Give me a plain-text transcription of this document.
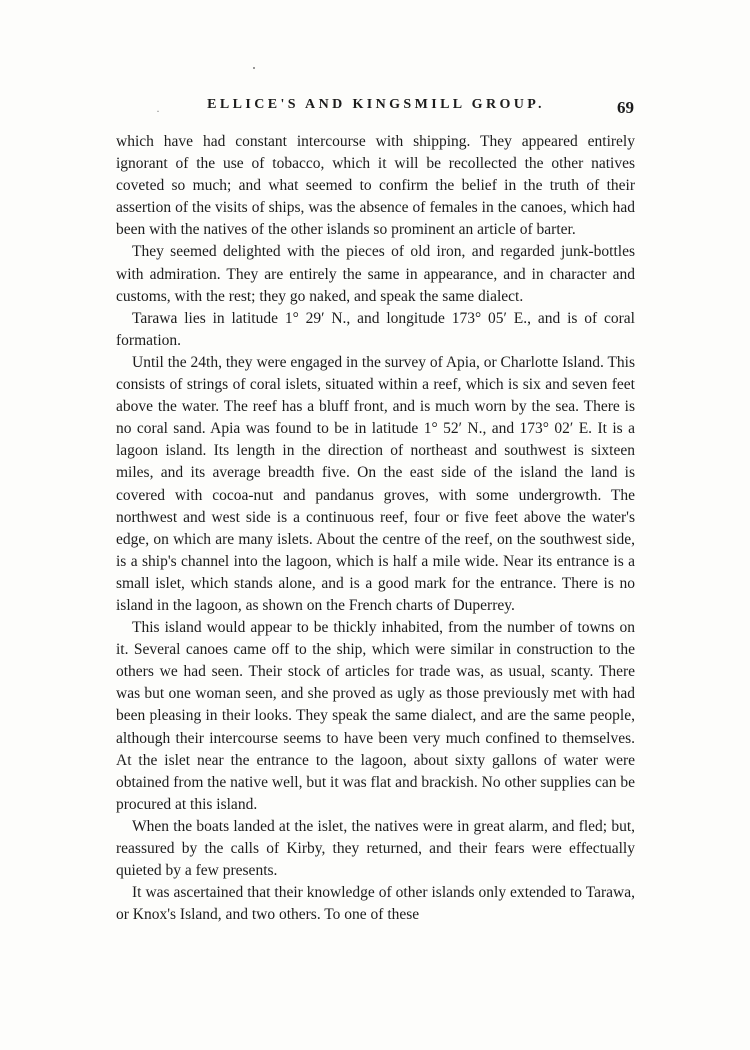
·	ELLICE'S AND KINGSMILL GROUP.	69

which have had constant intercourse with shipping. They appeared entirely ignorant of the use of tobacco, which it will be recollected the other natives coveted so much; and what seemed to confirm the belief in the truth of their assertion of the visits of ships, was the absence of females in the canoes, which had been with the natives of the other islands so prominent an article of barter.

They seemed delighted with the pieces of old iron, and regarded junk-bottles with admiration. They are entirely the same in appearance, and in character and customs, with the rest; they go naked, and speak the same dialect.

Tarawa lies in latitude 1° 29′ N., and longitude 173° 05′ E., and is of coral formation.

Until the 24th, they were engaged in the survey of Apia, or Charlotte Island. This consists of strings of coral islets, situated within a reef, which is six and seven feet above the water. The reef has a bluff front, and is much worn by the sea. There is no coral sand. Apia was found to be in latitude 1° 52′ N., and 173° 02′ E. It is a lagoon island. Its length in the direction of northeast and southwest is sixteen miles, and its average breadth five. On the east side of the island the land is covered with cocoa-nut and pandanus groves, with some undergrowth. The northwest and west side is a continuous reef, four or five feet above the water's edge, on which are many islets. About the centre of the reef, on the southwest side, is a ship's channel into the lagoon, which is half a mile wide. Near its entrance is a small islet, which stands alone, and is a good mark for the entrance. There is no island in the lagoon, as shown on the French charts of Duperrey.

This island would appear to be thickly inhabited, from the number of towns on it. Several canoes came off to the ship, which were similar in construction to the others we had seen. Their stock of articles for trade was, as usual, scanty. There was but one woman seen, and she proved as ugly as those previously met with had been pleasing in their looks. They speak the same dialect, and are the same people, although their intercourse seems to have been very much confined to themselves. At the islet near the entrance to the lagoon, about sixty gallons of water were obtained from the native well, but it was flat and brackish. No other supplies can be procured at this island.

When the boats landed at the islet, the natives were in great alarm, and fled; but, reassured by the calls of Kirby, they returned, and their fears were effectually quieted by a few presents.

It was ascertained that their knowledge of other islands only extended to Tarawa, or Knox's Island, and two others. To one of these
